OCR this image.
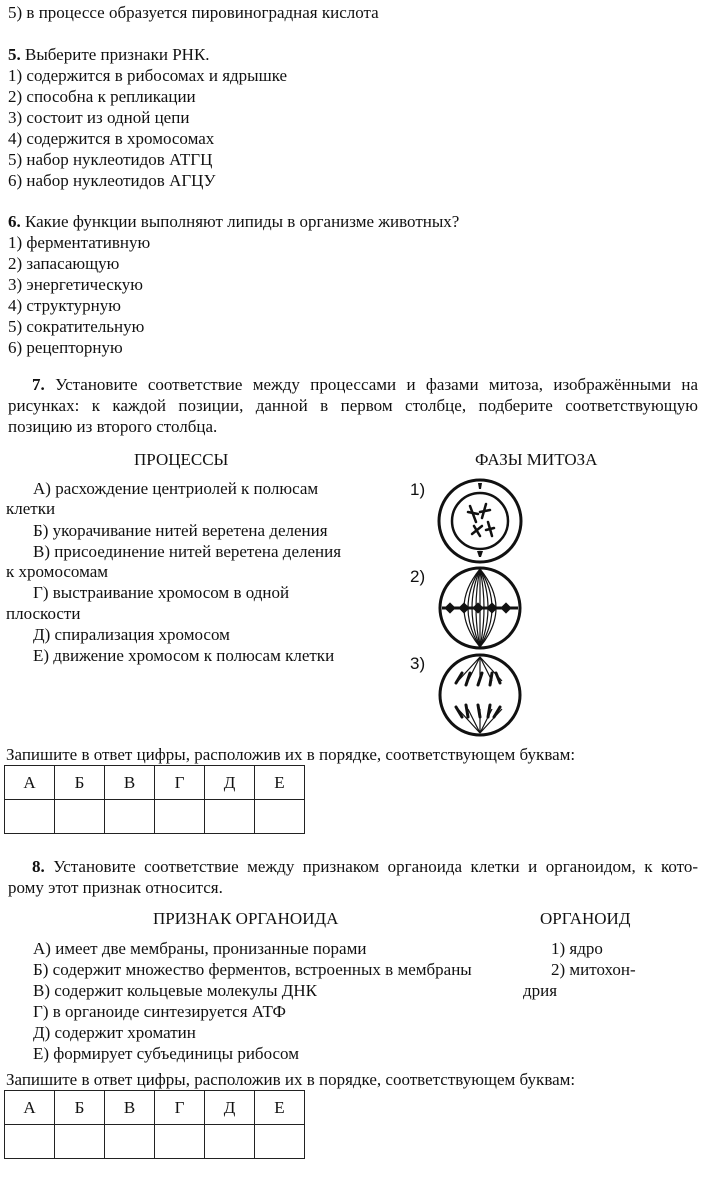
5) в процессе образуется пировиноградная кислота
5. Выберите признаки РНК.
1) содержится в рибосомах и ядрышке
2) способна к репликации
3) состоит из одной цепи
4) содержится в хромосомах
5) набор нуклеотидов АТГЦ
6) набор нуклеотидов АГЦУ
6. Какие функции выполняют липиды в организме животных?
1) ферментативную
2) запасающую
3) энергетическую
4) структурную
5) сократительную
6) рецепторную
7. Установите соответствие между процессами и фазами митоза, изображёнными на
рисунках: к каждой позиции, данной в первом столбце, подберите соответствующую
позицию из второго столбца.
ПРОЦЕССЫ	ФАЗЫ МИТОЗА
А) расхождение центриолей к полюсам
клетки
Б) укорачивание нитей веретена деления
В) присоединение нитей веретена деления
к хромосомам
Г) выстраивание хромосом в одной
плоскости
Д) спирализация хромосом
Е) движение хромосом к полюсам клетки
1)
2)
3)
Запишите в ответ цифры, расположив их в порядке, соответствующем буквам:
А	Б	В	Г	Д	Е

8. Установите соответствие между признаком органоида клетки и органоидом, к кото-
рому этот признак относится.
ПРИЗНАК ОРГАНОИДА	ОРГАНОИД
А) имеет две мембраны, пронизанные порами
Б) содержит множество ферментов, встроенных в мембраны
В) содержит кольцевые молекулы ДНК
Г) в органоиде синтезируется АТФ
Д) содержит хроматин
Е) формирует субъединицы рибосом
1) ядро
2) митохон-
дрия
Запишите в ответ цифры, расположив их в порядке, соответствующем буквам:
А	Б	В	Г	Д	Е
